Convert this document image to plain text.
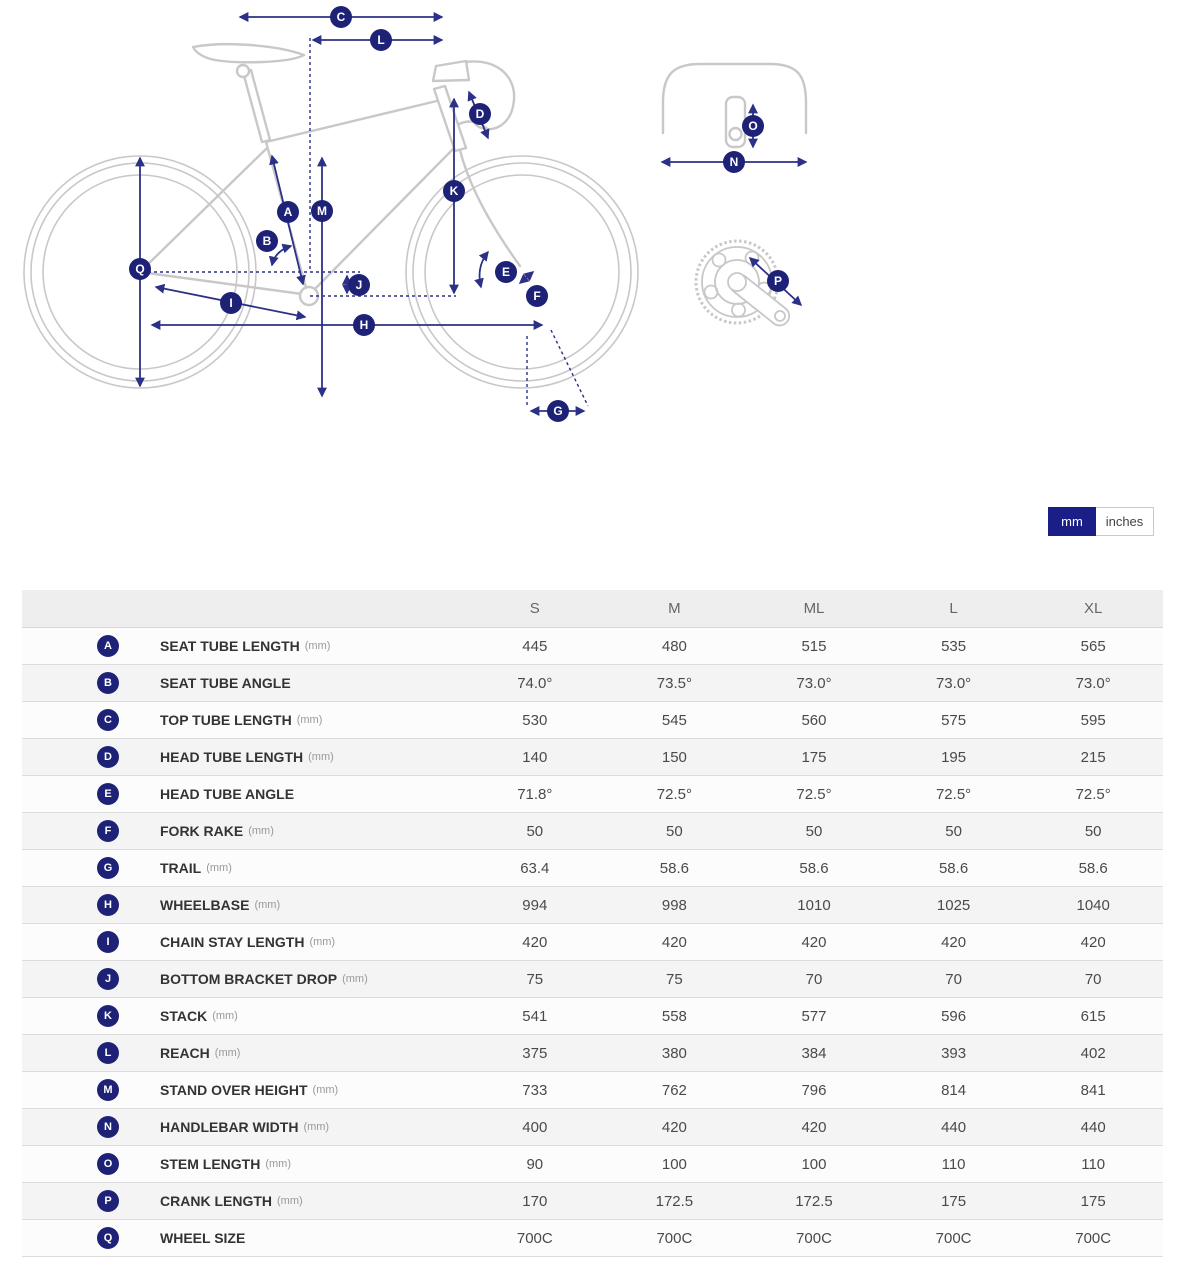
A
B
C
D
E
F
G
H
I
J
K
L
M
N
O
P
Q
mm	inches
	S	M	ML	L	XL
A SEAT TUBE LENGTH (mm)	445	480	515	535	565
B SEAT TUBE ANGLE	74.0°	73.5°	73.0°	73.0°	73.0°
C TOP TUBE LENGTH (mm)	530	545	560	575	595
D HEAD TUBE LENGTH (mm)	140	150	175	195	215
E HEAD TUBE ANGLE	71.8°	72.5°	72.5°	72.5°	72.5°
F FORK RAKE (mm)	50	50	50	50	50
G TRAIL (mm)	63.4	58.6	58.6	58.6	58.6
H WHEELBASE (mm)	994	998	1010	1025	1040
I CHAIN STAY LENGTH (mm)	420	420	420	420	420
J BOTTOM BRACKET DROP (mm)	75	75	70	70	70
K STACK (mm)	541	558	577	596	615
L REACH (mm)	375	380	384	393	402
M STAND OVER HEIGHT (mm)	733	762	796	814	841
N HANDLEBAR WIDTH (mm)	400	420	420	440	440
O STEM LENGTH (mm)	90	100	100	110	110
P CRANK LENGTH (mm)	170	172.5	172.5	175	175
Q WHEEL SIZE	700C	700C	700C	700C	700C
